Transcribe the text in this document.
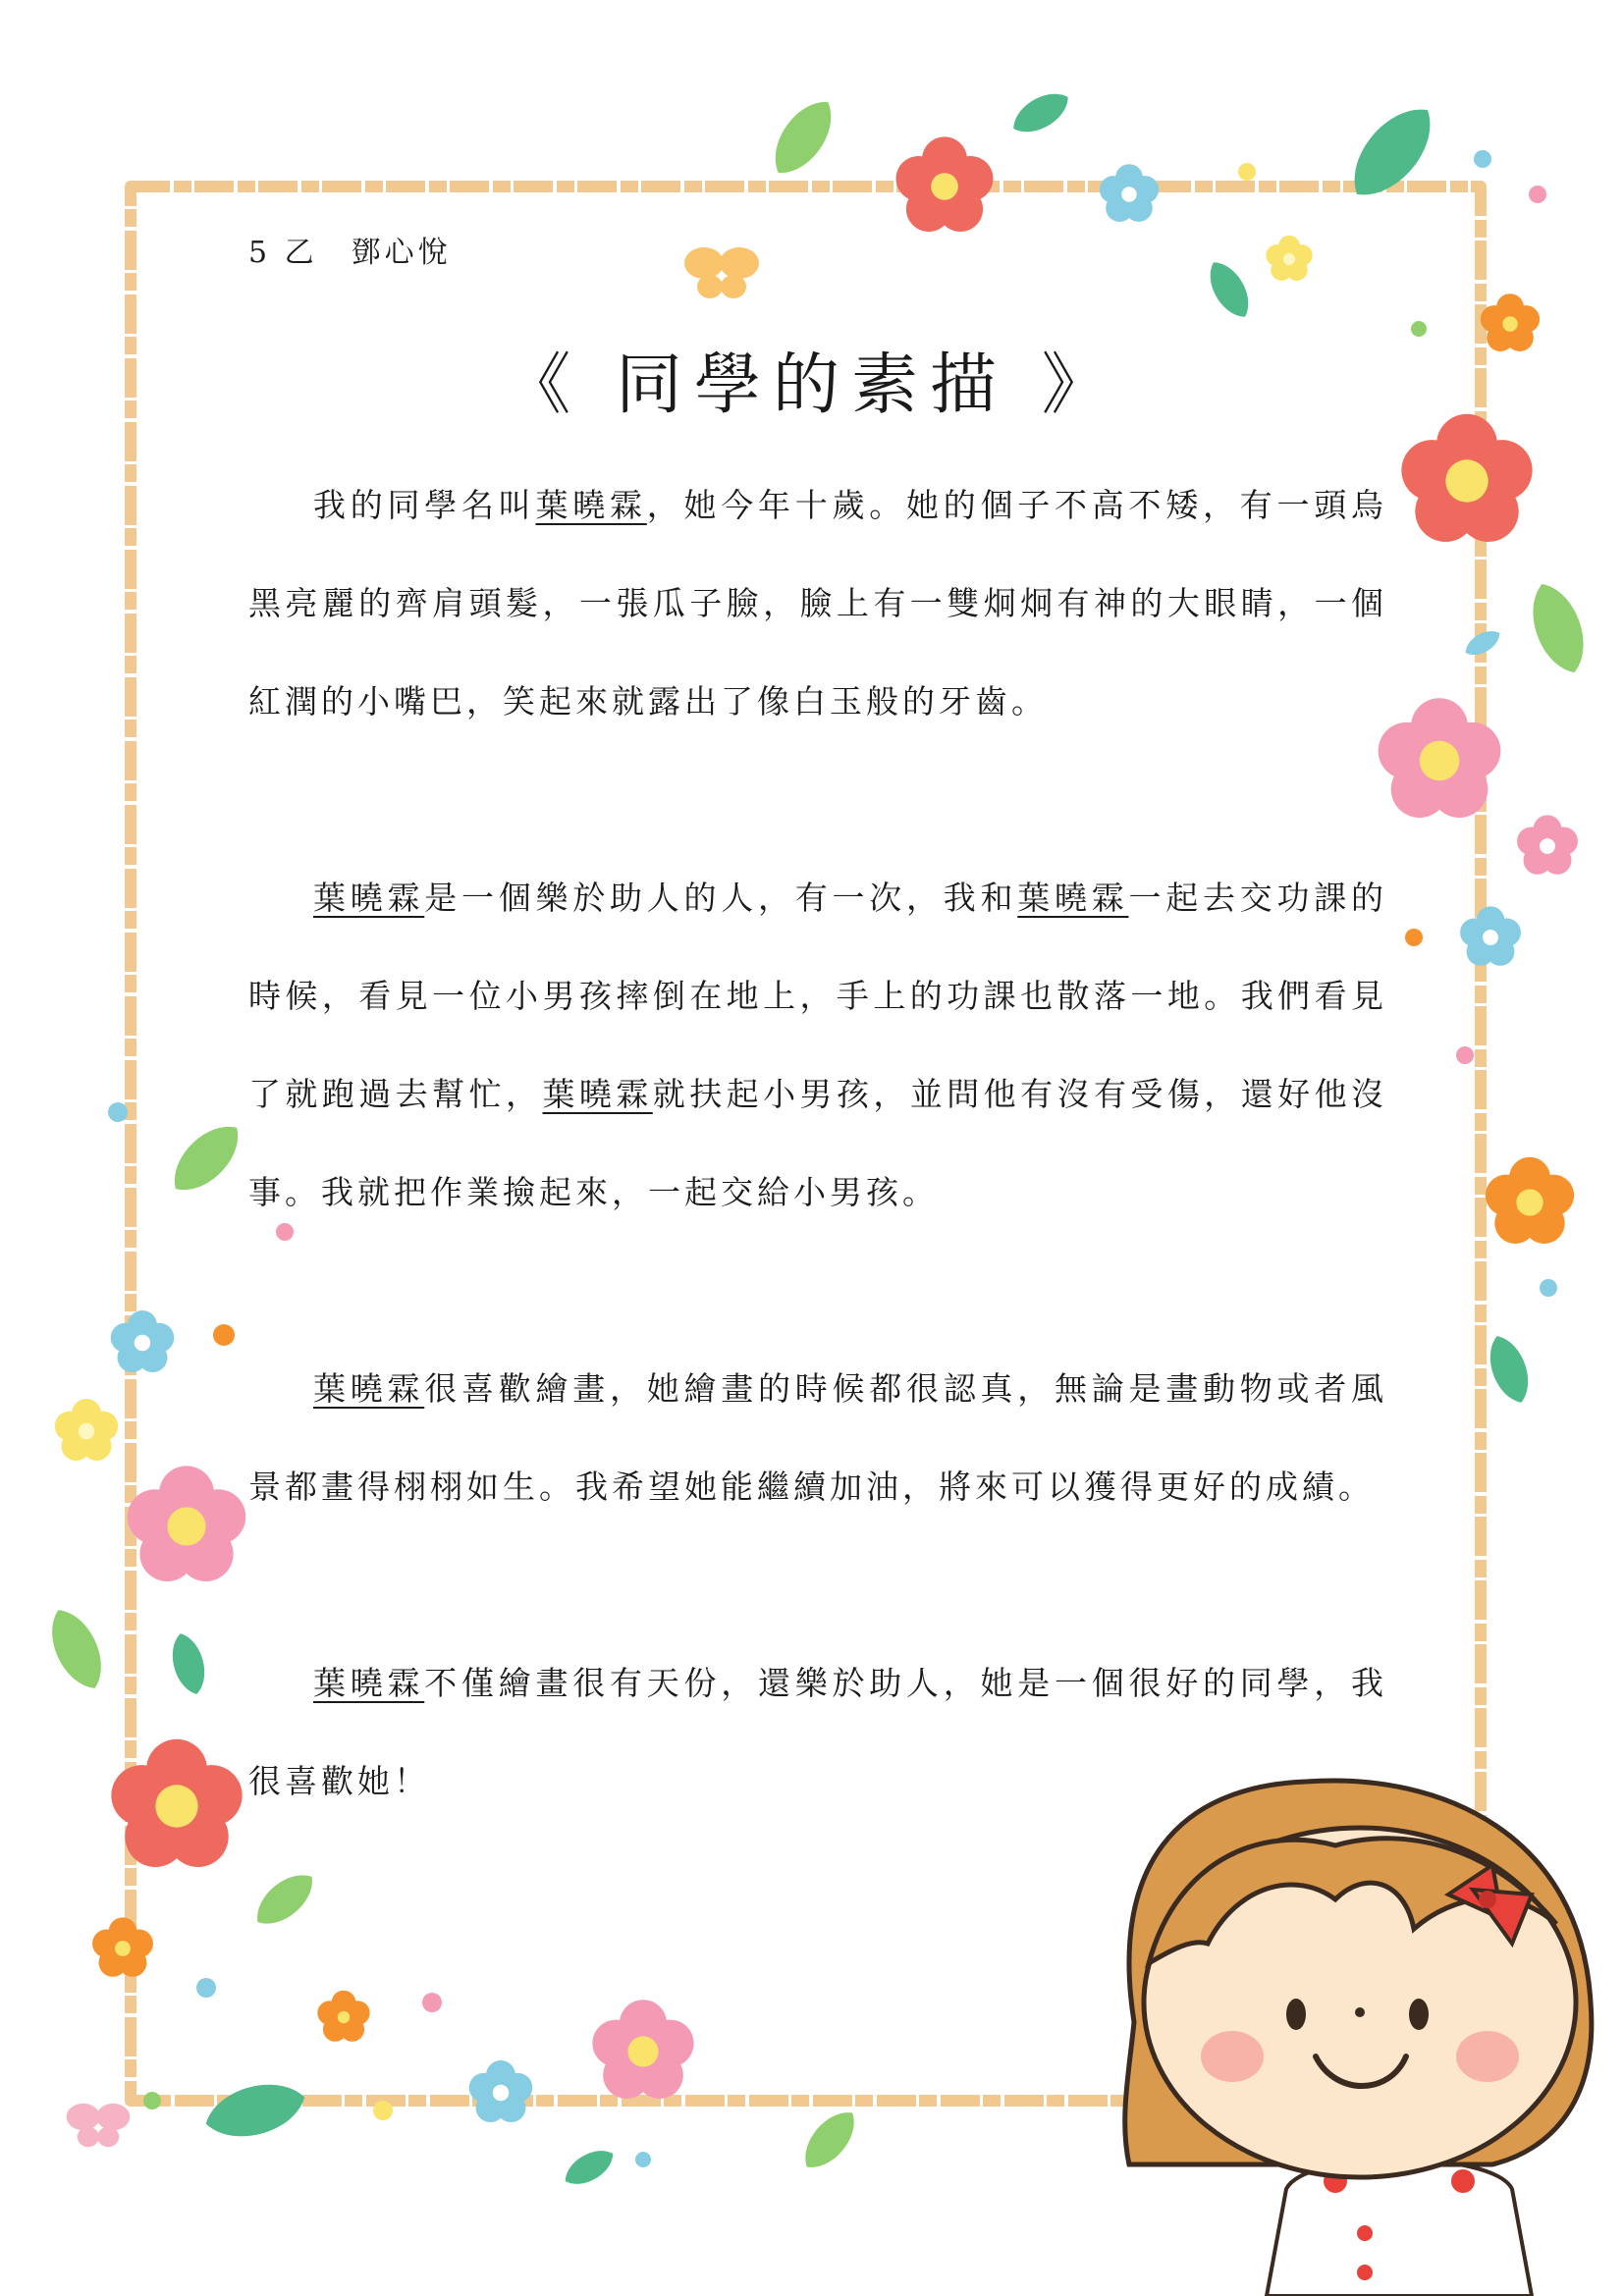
5 乙　鄧心悅

《 同學的素描 》

我的同學名叫葉曉霖，她今年十歲。她的個子不高不矮，有一頭烏黑亮麗的齊肩頭髮，一張瓜子臉，臉上有一雙炯炯有神的大眼睛，一個紅潤的小嘴巴，笑起來就露出了像白玉般的牙齒。

葉曉霖是一個樂於助人的人，有一次，我和葉曉霖一起去交功課的時候，看見一位小男孩摔倒在地上，手上的功課也散落一地。我們看見了就跑過去幫忙，葉曉霖就扶起小男孩，並問他有沒有受傷，還好他沒事。我就把作業撿起來，一起交給小男孩。

葉曉霖很喜歡繪畫，她繪畫的時候都很認真，無論是畫動物或者風景都畫得栩栩如生。我希望她能繼續加油，將來可以獲得更好的成績。

葉曉霖不僅繪畫很有天份，還樂於助人，她是一個很好的同學，我很喜歡她！
